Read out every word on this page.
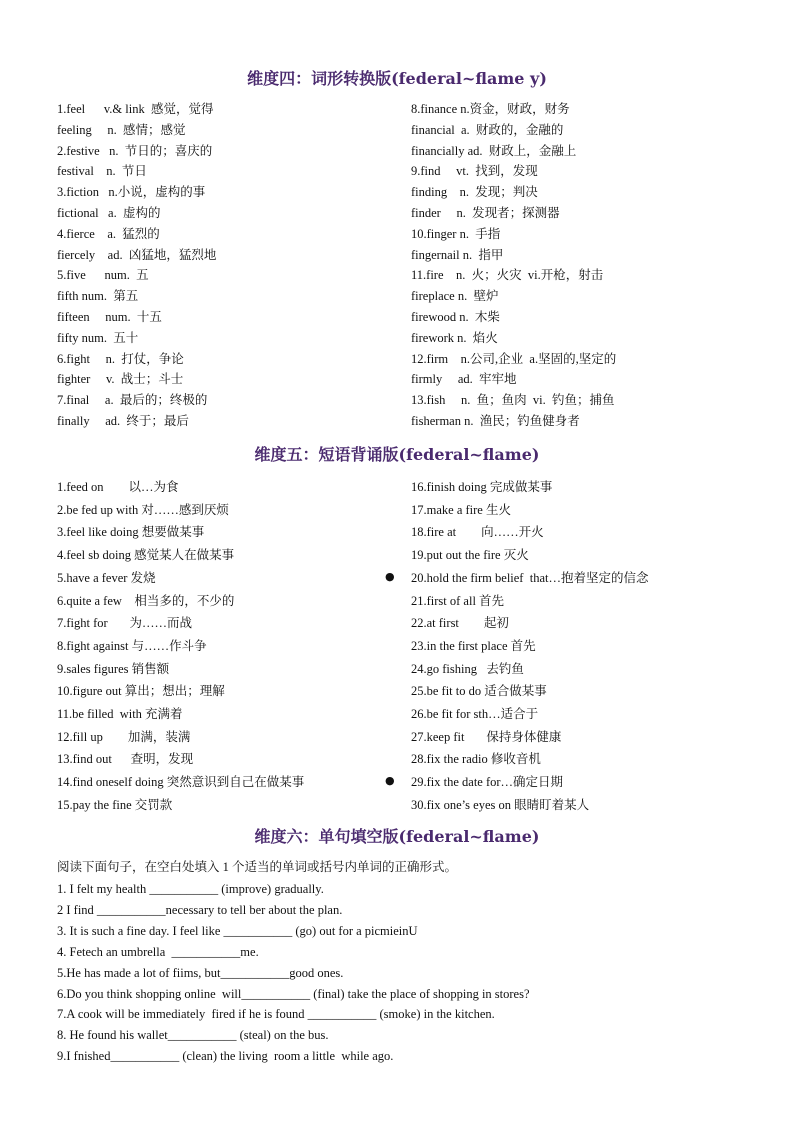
维度四：词形转换版(federal~flame y)
1.feel      v.& link  感觉，觉得
feeling     n.  感情；感觉
2.festive   n.  节日的；喜庆的
festival    n.  节日
3.fiction   n.小说，虚构的事
fictional   a.  虚构的
4.fierce    a.  猛烈的
fiercely    ad.  凶猛地，猛烈地
5.five      num.  五
fifth num.  第五
fifteen     num.  十五
fifty num.  五十
6.fight     n.  打仗，争论
fighter     v.  战士；斗士
7.final     a.  最后的；终极的
finally     ad.  终于；最后
8.finance n.资金，财政，财务
financial  a.  财政的，金融的
financially ad.  财政上，金融上
9.find     vt.  找到，发现
finding    n.  发现；判决
finder     n.  发现者；探测器
10.finger n.  手指
fingernail n.  指甲
11.fire    n.  火；火灾  vi.开枪，射击
fireplace n.  壁炉
firewood n.  木柴
firework n.  焰火
12.firm    n.公司,企业  a.坚固的,坚定的
firmly     ad.  牢牢地
13.fish     n.  鱼；鱼肉  vi.  钓鱼；捕鱼
fisherman n.  渔民；钓鱼健身者
维度五：短语背诵版(federal~flame)
1.feed on        以…为食
2.be fed up with 对……感到厌烦
3.feel like doing 想要做某事
4.feel sb doing 感觉某人在做某事
5.have a fever 发烧
6.quite a few    相当多的，不少的
7.fight for       为……而战
8.fight against 与……作斗争
9.sales figures 销售额
10.figure out 算出；想出；理解
11.be filled  with 充满着
12.fill up        加满，装满
13.find out      查明，发现
14.find oneself doing 突然意识到自己在做某事
15.pay the fine 交罚款
16.finish doing 完成做某事
17.make a fire 生火
18.fire at        向……开火
19.put out the fire 灭火
20.hold the firm belief  that…抱着坚定的信念
21.first of all 首先
22.at first        起初
23.in the first place 首先
24.go fishing   去钓鱼
25.be fit to do 适合做某事
26.be fit for sth…适合于
27.keep fit       保持身体健康
28.fix the radio 修收音机
29.fix the date for…确定日期
30.fix one’s eyes on 眼睛盯着某人
●
●
维度六：单句填空版(federal~flame)
阅读下面句子，在空白处填入 1 个适当的单词或括号内单词的正确形式。
1. I felt my health ___________ (improve) gradually.
2 I find ___________necessary to tell ber about the plan.
3. It is such a fine day. I feel like ___________ (go) out for a picmieinU
4. Fetech an umbrella  ___________me.
5.He has made a lot of fiims, but___________good ones.
6.Do you think shopping online  will___________ (final) take the place of shopping in stores?
7.A cook will be immediately  fired if he is found ___________ (smoke) in the kitchen.
8. He found his wallet___________ (steal) on the bus.
9.I fnished___________ (clean) the living  room a little  while ago.
